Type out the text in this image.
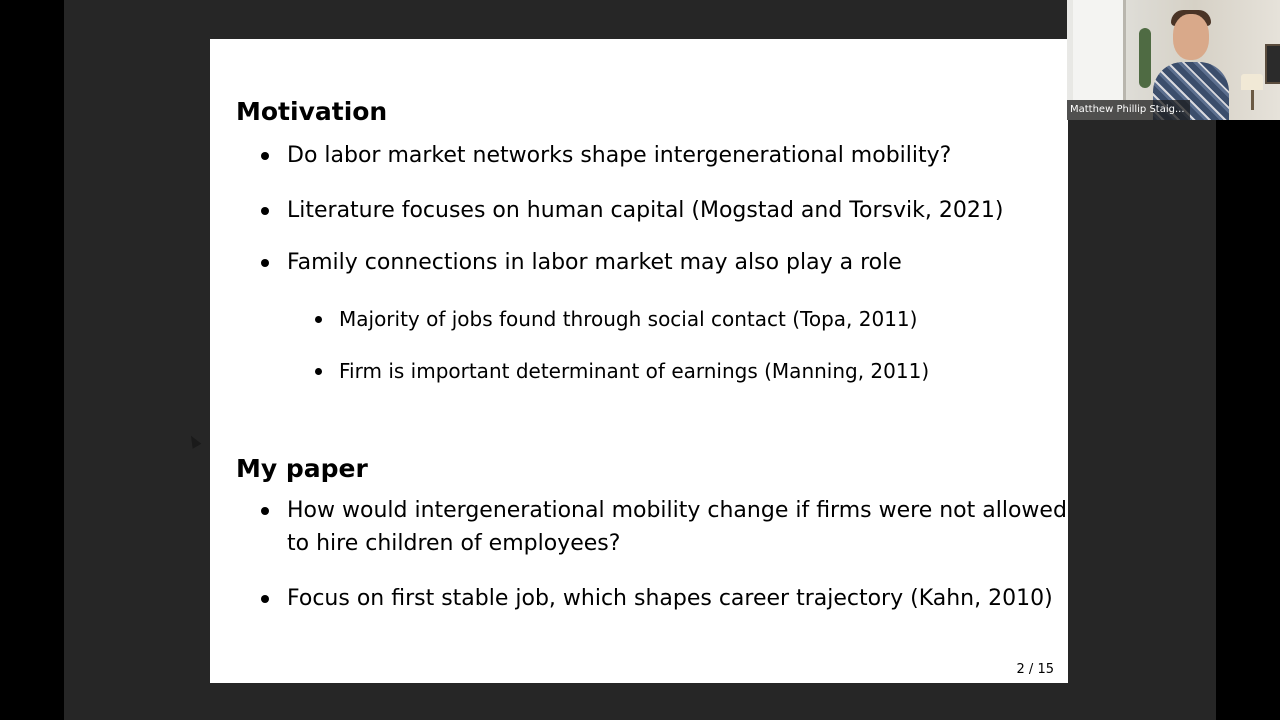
Motivation
Do labor market networks shape intergenerational mobility?
Literature focuses on human capital (Mogstad and Torsvik, 2021)
Family connections in labor market may also play a role
Majority of jobs found through social contact (Topa, 2011)
Firm is important determinant of earnings (Manning, 2011)
My paper
How would intergenerational mobility change if firms were not allowed
to hire children of employees?
Focus on first stable job, which shapes career trajectory (Kahn, 2010)
2 / 15
Matthew Phillip Staig...
